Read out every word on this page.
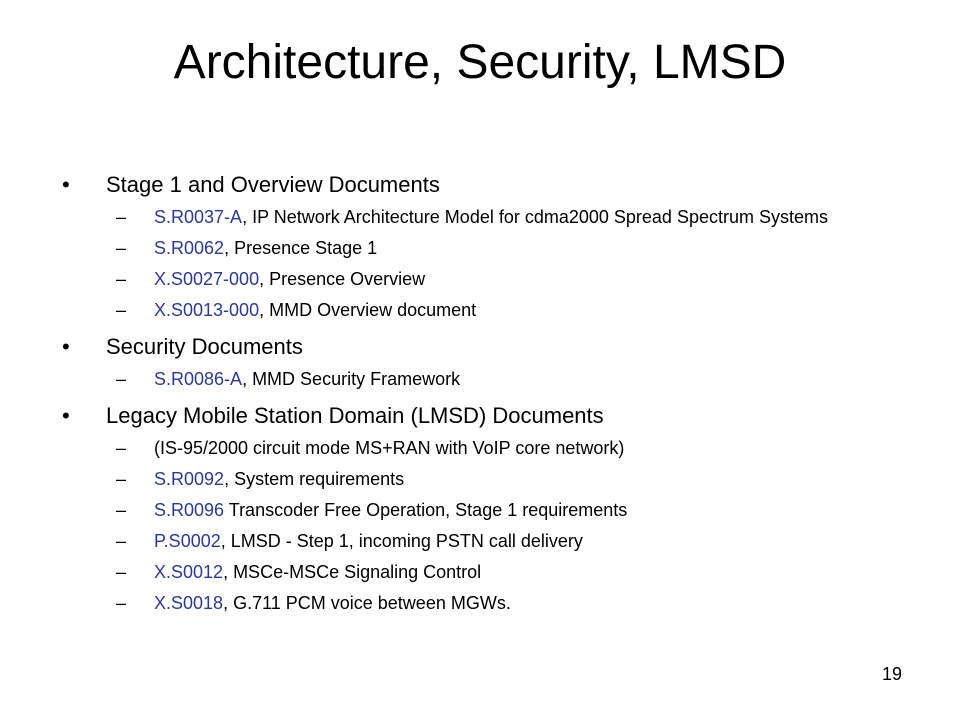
Architecture, Security, LMSD
• Stage 1 and Overview Documents
– S.R0037-A, IP Network Architecture Model for cdma2000 Spread Spectrum Systems
– S.R0062, Presence Stage 1
– X.S0027-000, Presence Overview
– X.S0013-000, MMD Overview document
• Security Documents
– S.R0086-A, MMD Security Framework
• Legacy Mobile Station Domain (LMSD) Documents
– (IS-95/2000 circuit mode MS+RAN with VoIP core network)
– S.R0092, System requirements
– S.R0096 Transcoder Free Operation, Stage 1 requirements
– P.S0002, LMSD - Step 1, incoming PSTN call delivery
– X.S0012, MSCe-MSCe Signaling Control
– X.S0018, G.711 PCM voice between MGWs.
19
